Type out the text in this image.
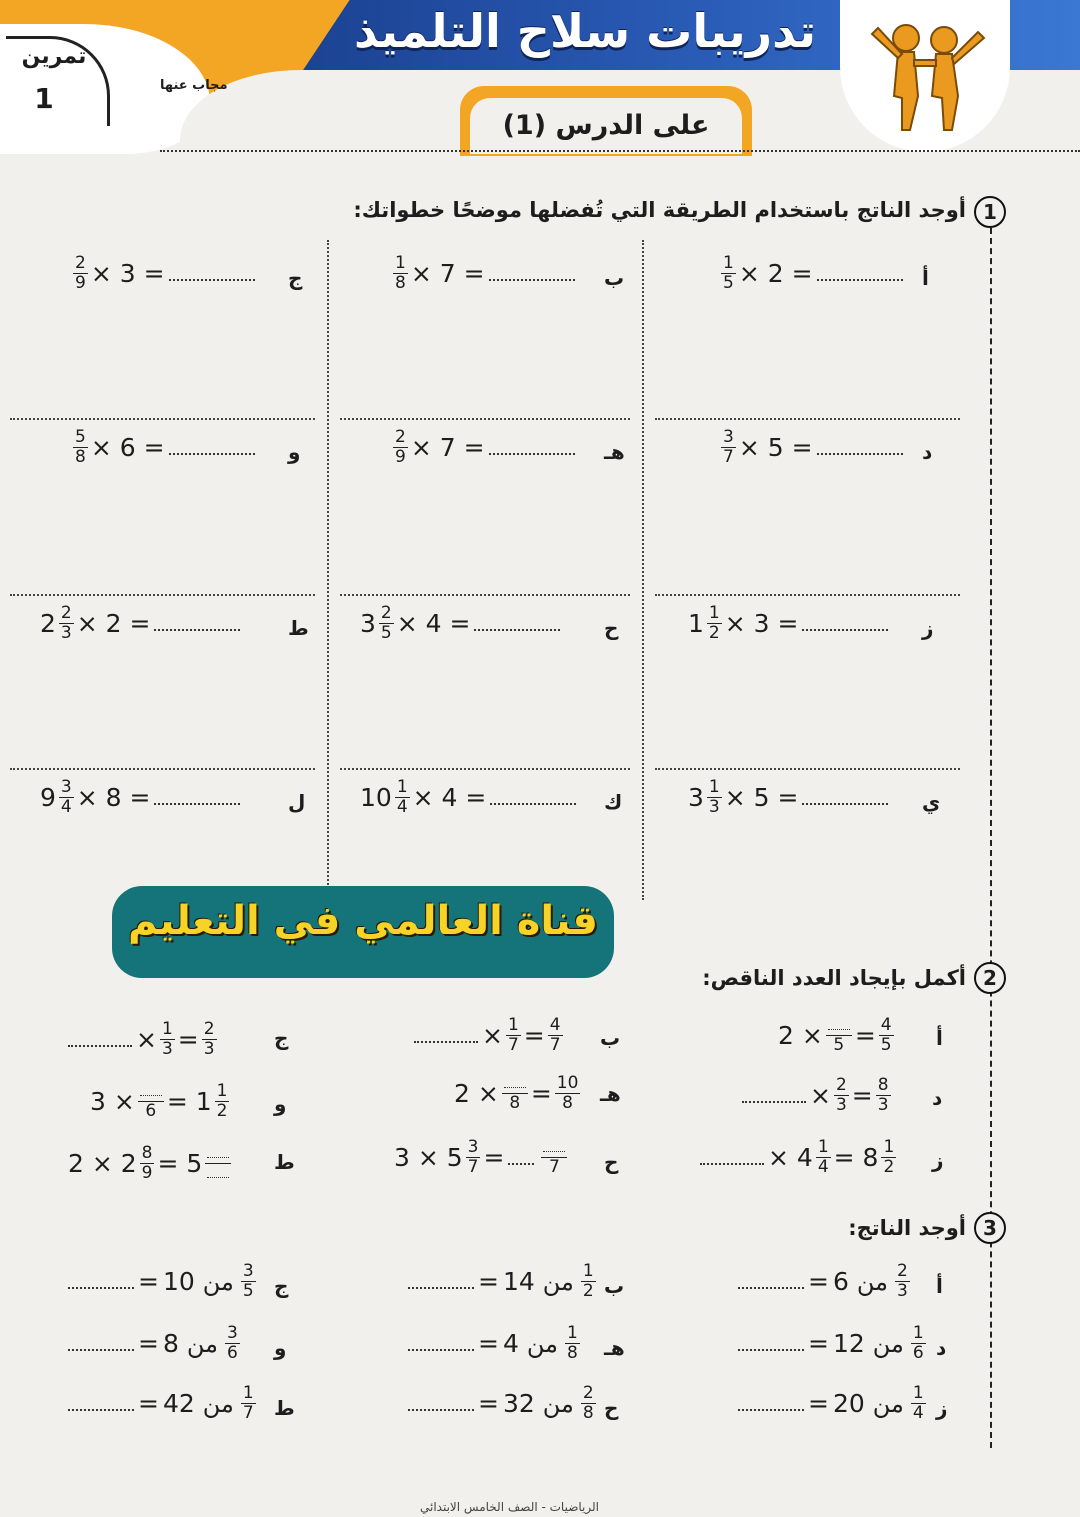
تدريبات سلاح التلميذ
على الدرس (1)
تمرين
1	مجاب عنها
1
أوجد الناتج باستخدام الطريقة التي تُفضلها موضحًا خطواتك:
أ
$\frac{1}{5} \times 2$ =
ب
$\frac{1}{8} \times 7$ =
ج
$\frac{2}{9} \times 3$ =
د
$\frac{3}{7} \times 5$ =
هـ
$\frac{2}{9} \times 7$ =
و
$\frac{5}{8} \times 6$ =
ز
$1 \frac{1}{2} \times 3$ =
ح
$3 \frac{2}{5} \times 4$ =
ط
$2 \frac{2}{3} \times 2$ =
ي
$3 \frac{1}{3} \times 5$ =
ك
$10 \frac{1}{4} \times 4$ =
ل
$9 \frac{3}{4} \times 8$ =
قناة العالمي في التعليم
2
أكمل بإيجاد العدد الناقص:
أ
ب
ج
د
هـ
و
ز
ح
ط
$2 \times 5 = \frac{4}{5}$
× $\frac{1}{7} = \frac{4}{7}$
× $\frac{1}{3} = \frac{2}{3}$
× $\frac{2}{3} = \frac{8}{3}$
$2 \times 8 = \frac{10}{8}$
$3 \times 6 = 1 \frac{1}{2}$
× $4 \frac{1}{4} = 8 \frac{1}{2}$
$3 \times 5 \frac{3}{7}$ =	7
$2 \times 2 \frac{8}{9} = 5$
3
أوجد الناتج:
أ
= 6 من $\frac{2}{3}$
ب
= 14 من $\frac{1}{2}$
ج
= 10 من $\frac{3}{5}$
د
= 12 من $\frac{1}{6}$
هـ
= 4 من $\frac{1}{8}$
و
= 8 من $\frac{3}{6}$
ز
= 20 من $\frac{1}{4}$
ح
= 32 من $\frac{2}{8}$
ط
= 42 من $\frac{1}{7}$
الرياضيات - الصف الخامس الابتدائي
